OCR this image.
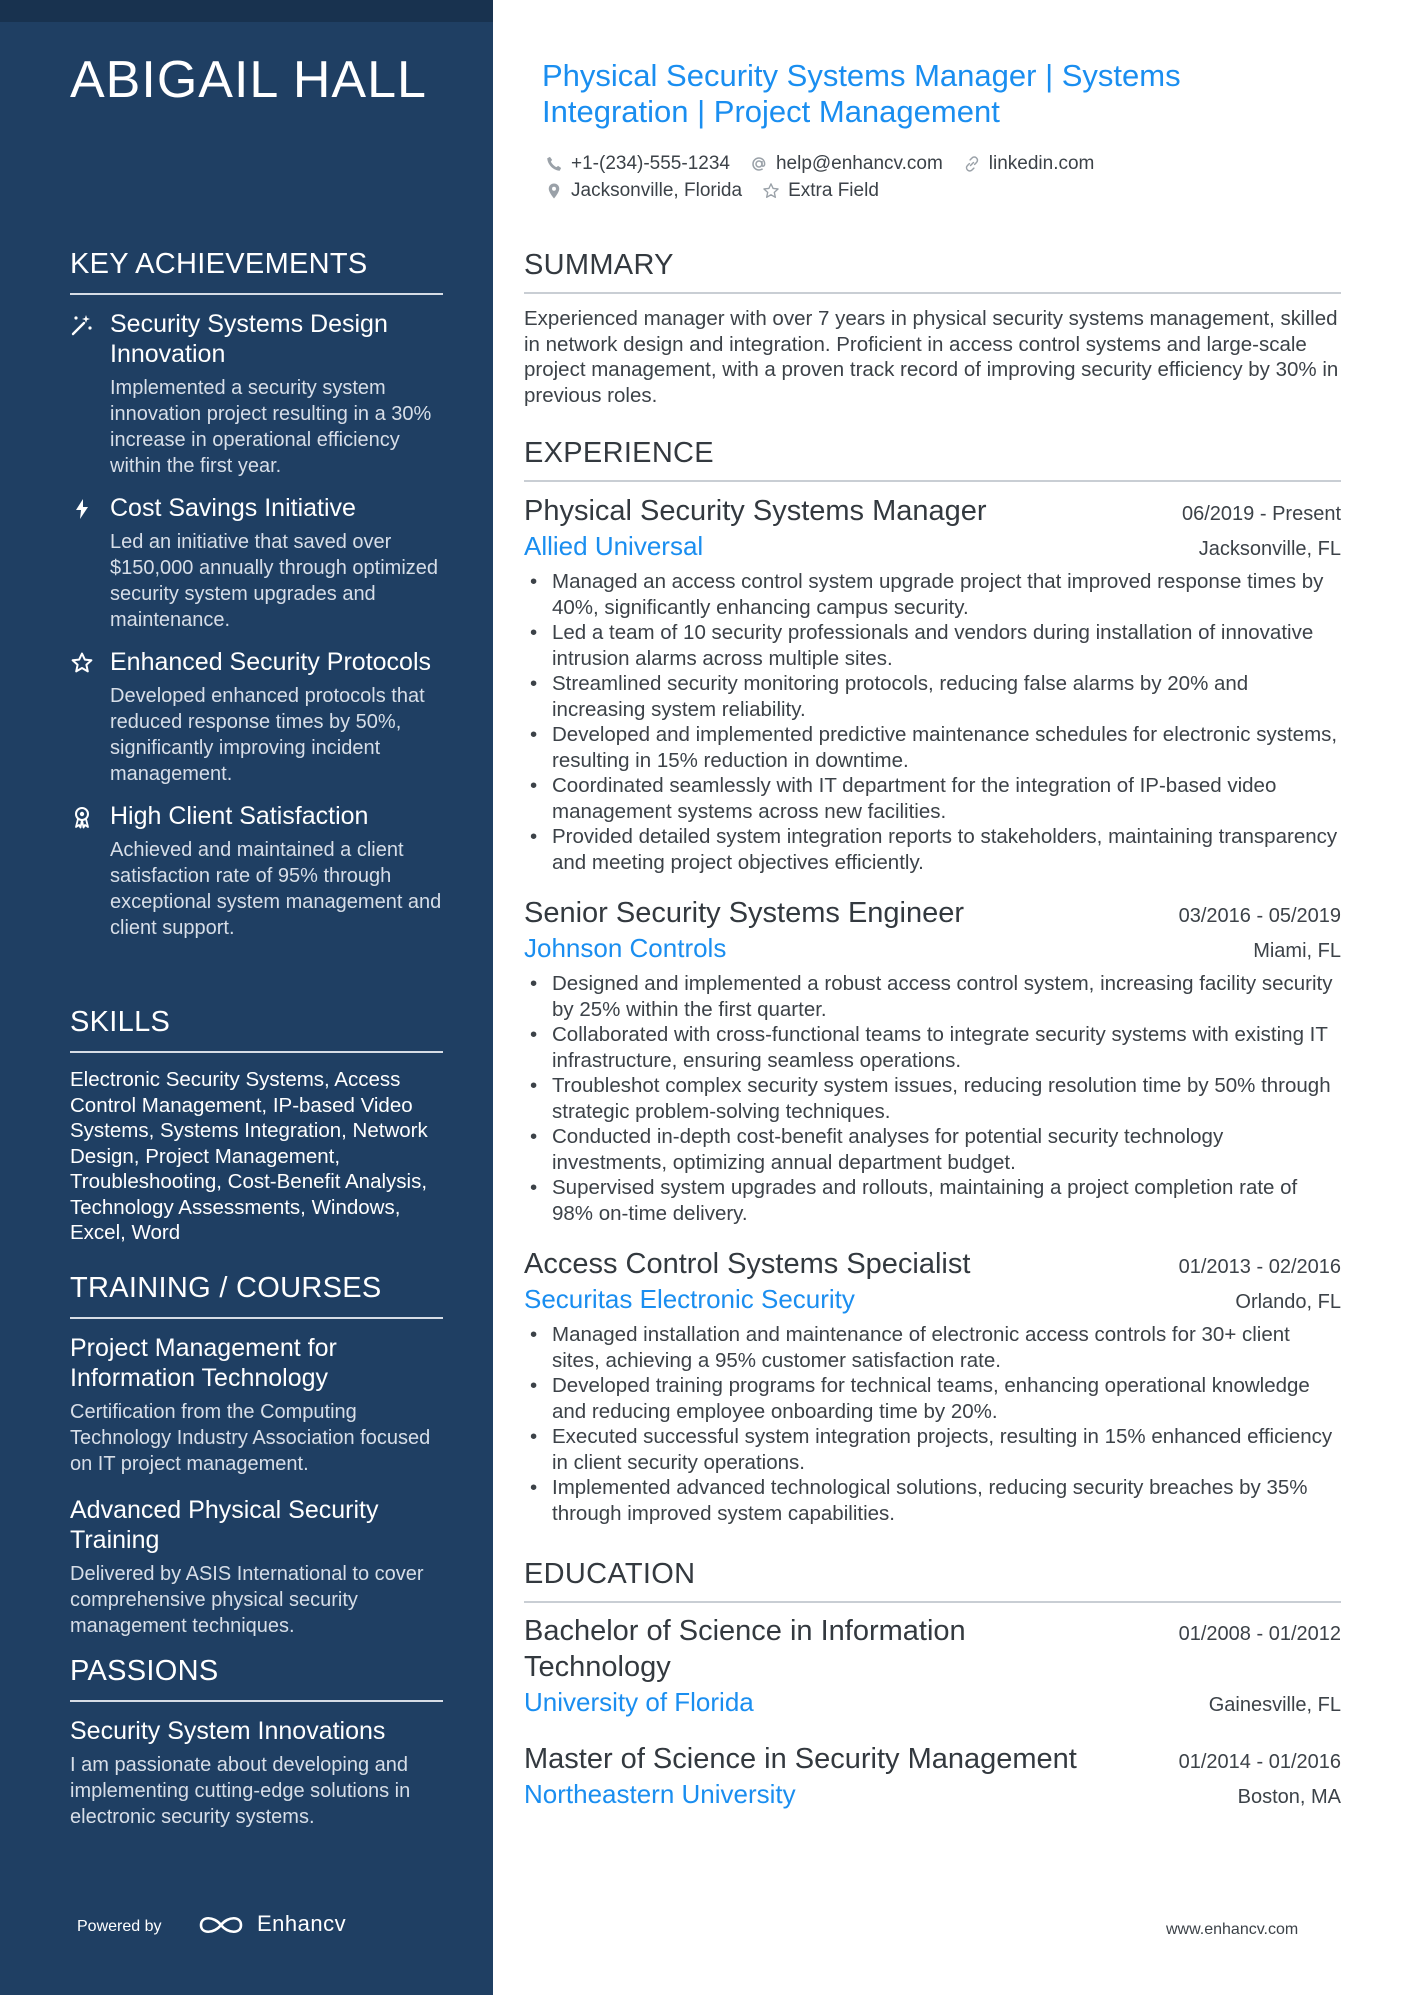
ABIGAIL HALL
KEY ACHIEVEMENTS
Security Systems Design Innovation
Implemented a security system innovation project resulting in a 30% increase in operational efficiency within the first year.
Cost Savings Initiative
Led an initiative that saved over $150,000 annually through optimized security system upgrades and maintenance.
Enhanced Security Protocols
Developed enhanced protocols that reduced response times by 50%, significantly improving incident management.
High Client Satisfaction
Achieved and maintained a client satisfaction rate of 95% through exceptional system management and client support.
SKILLS
Electronic Security Systems, Access Control Management, IP-based Video Systems, Systems Integration, Network Design, Project Management, Troubleshooting, Cost-Benefit Analysis, Technology Assessments, Windows, Excel, Word
TRAINING / COURSES
Project Management for Information Technology
Certification from the Computing Technology Industry Association focused on IT project management.
Advanced Physical Security Training
Delivered by ASIS International to cover comprehensive physical security management techniques.
PASSIONS
Security System Innovations
I am passionate about developing and implementing cutting-edge solutions in electronic security systems.
Powered by	Enhancv
Physical Security Systems Manager | Systems Integration | Project Management
+1-(234)-555-1234 help@enhancv.com linkedin.com
Jacksonville, Florida Extra Field
SUMMARY
Experienced manager with over 7 years in physical security systems management, skilled in network design and integration. Proficient in access control systems and large-scale project management, with a proven track record of improving security efficiency by 30% in previous roles.
EXPERIENCE
Physical Security Systems Manager	06/2019 - Present
Allied Universal	Jacksonville, FL
• Managed an access control system upgrade project that improved response times by 40%, significantly enhancing campus security.
• Led a team of 10 security professionals and vendors during installation of innovative intrusion alarms across multiple sites.
• Streamlined security monitoring protocols, reducing false alarms by 20% and increasing system reliability.
• Developed and implemented predictive maintenance schedules for electronic systems, resulting in 15% reduction in downtime.
• Coordinated seamlessly with IT department for the integration of IP-based video management systems across new facilities.
• Provided detailed system integration reports to stakeholders, maintaining transparency and meeting project objectives efficiently.
Senior Security Systems Engineer	03/2016 - 05/2019
Johnson Controls	Miami, FL
• Designed and implemented a robust access control system, increasing facility security by 25% within the first quarter.
• Collaborated with cross-functional teams to integrate security systems with existing IT infrastructure, ensuring seamless operations.
• Troubleshot complex security system issues, reducing resolution time by 50% through strategic problem-solving techniques.
• Conducted in-depth cost-benefit analyses for potential security technology investments, optimizing annual department budget.
• Supervised system upgrades and rollouts, maintaining a project completion rate of 98% on-time delivery.
Access Control Systems Specialist	01/2013 - 02/2016
Securitas Electronic Security	Orlando, FL
• Managed installation and maintenance of electronic access controls for 30+ client sites, achieving a 95% customer satisfaction rate.
• Developed training programs for technical teams, enhancing operational knowledge and reducing employee onboarding time by 20%.
• Executed successful system integration projects, resulting in 15% enhanced efficiency in client security operations.
• Implemented advanced technological solutions, reducing security breaches by 35% through improved system capabilities.
EDUCATION
Bachelor of Science in Information Technology
01/2008 - 01/2012
University of Florida	Gainesville, FL
Master of Science in Security Management	01/2014 - 01/2016
Northeastern University	Boston, MA
www.enhancv.com
